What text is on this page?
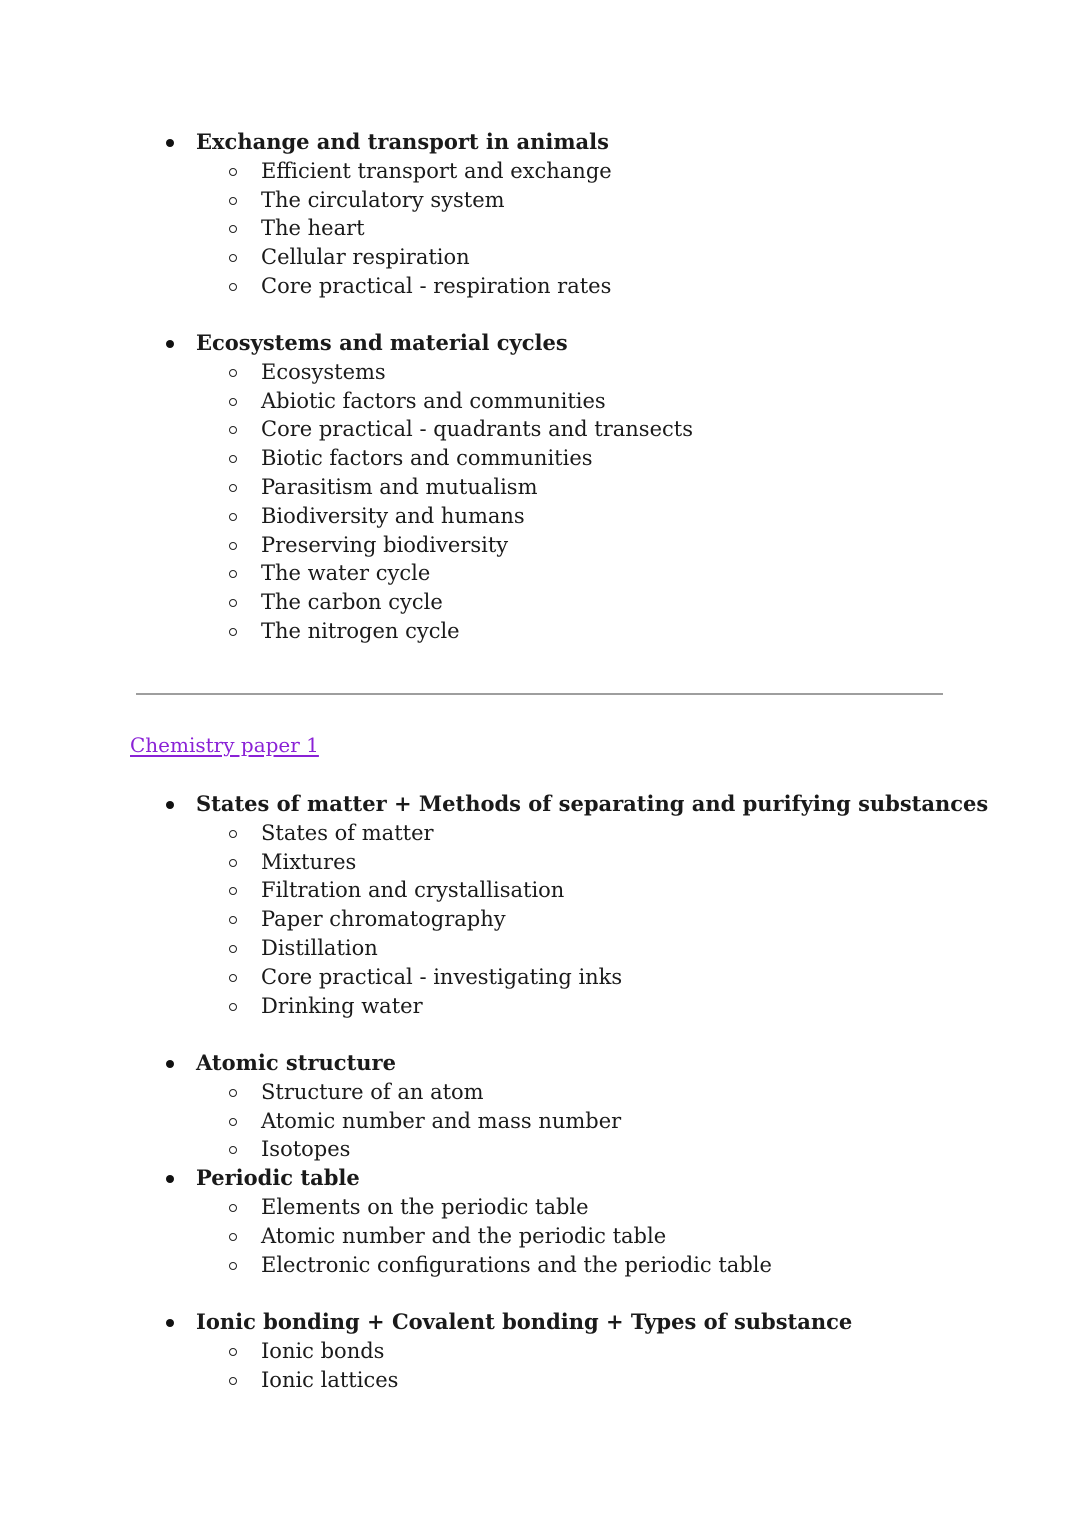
Exchange and transport in animals
Efficient transport and exchange
The circulatory system
The heart
Cellular respiration
Core practical - respiration rates
Ecosystems and material cycles
Ecosystems
Abiotic factors and communities
Core practical - quadrants and transects
Biotic factors and communities
Parasitism and mutualism
Biodiversity and humans
Preserving biodiversity
The water cycle
The carbon cycle
The nitrogen cycle
Chemistry paper 1
States of matter + Methods of separating and purifying substances
States of matter
Mixtures
Filtration and crystallisation
Paper chromatography
Distillation
Core practical - investigating inks
Drinking water
Atomic structure
Structure of an atom
Atomic number and mass number
Isotopes
Periodic table
Elements on the periodic table
Atomic number and the periodic table
Electronic configurations and the periodic table
Ionic bonding + Covalent bonding + Types of substance
Ionic bonds
Ionic lattices
